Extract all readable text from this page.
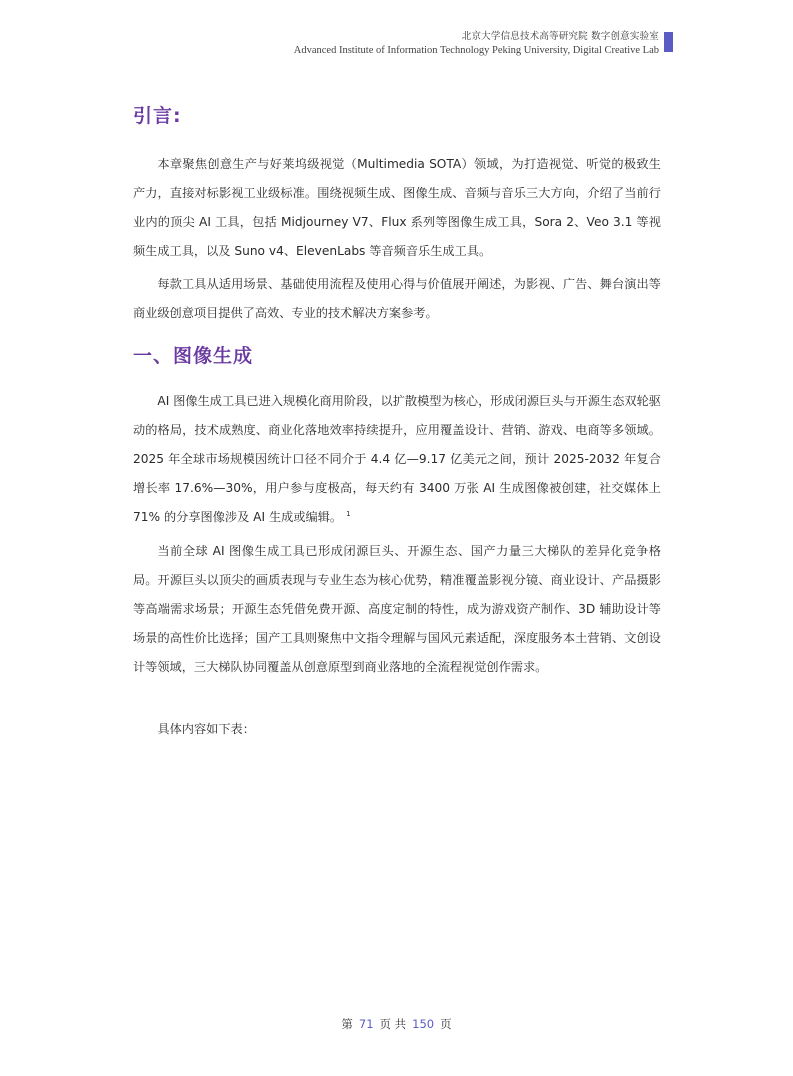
北京大学信息技术高等研究院 数字创意实验室
Advanced Institute of Information Technology Peking University, Digital Creative Lab
引言:

本章聚焦创意生产与好莱坞级视觉（Multimedia SOTA）领域，为打造视觉、听觉的极致生产力，直接对标影视工业级标准。围绕视频生成、图像生成、音频与音乐三大方向，介绍了当前行业内的顶尖 AI 工具，包括 Midjourney V7、Flux 系列等图像生成工具，Sora 2、Veo 3.1 等视频生成工具，以及 Suno v4、ElevenLabs 等音频音乐生成工具。

每款工具从适用场景、基础使用流程及使用心得与价值展开阐述，为影视、广告、舞台演出等商业级创意项目提供了高效、专业的技术解决方案参考。

一、图像生成

AI 图像生成工具已进入规模化商用阶段，以扩散模型为核心，形成闭源巨头与开源生态双轮驱动的格局，技术成熟度、商业化落地效率持续提升，应用覆盖设计、营销、游戏、电商等多领域。2025 年全球市场规模因统计口径不同介于 4.4 亿—9.17 亿美元之间，预计 2025-2032 年复合增长率 17.6%—30%，用户参与度极高，每天约有 3400 万张 AI 生成图像被创建，社交媒体上 71% 的分享图像涉及 AI 生成或编辑。 $^1$

当前全球 AI 图像生成工具已形成闭源巨头、开源生态、国产力量三大梯队的差异化竞争格局。开源巨头以顶尖的画质表现与专业生态为核心优势，精准覆盖影视分镜、商业设计、产品摄影等高端需求场景；开源生态凭借免费开源、高度定制的特性，成为游戏资产制作、3D 辅助设计等场景的高性价比选择；国产工具则聚焦中文指令理解与国风元素适配，深度服务本土营销、文创设计等领域，三大梯队协同覆盖从创意原型到商业落地的全流程视觉创作需求。

具体内容如下表：

第 71 页 共 150 页
